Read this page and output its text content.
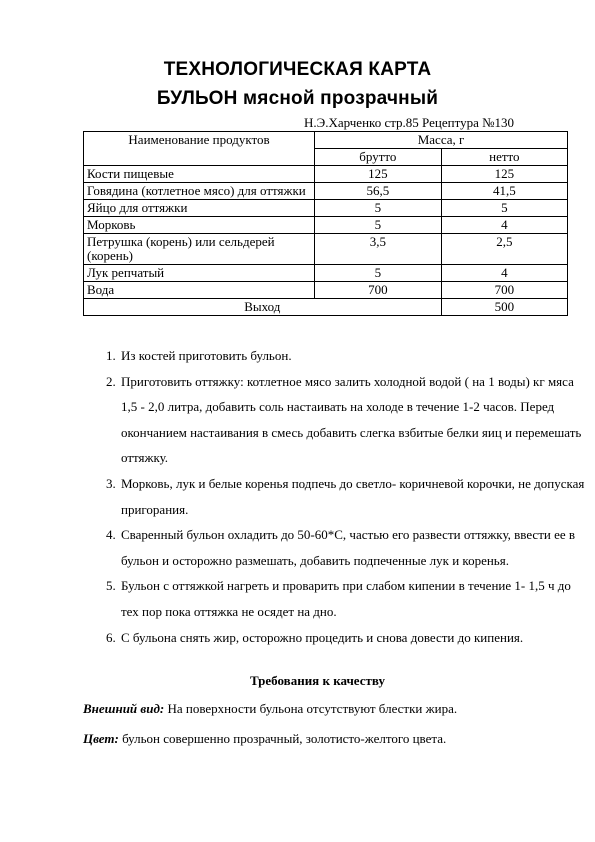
ТЕХНОЛОГИЧЕСКАЯ КАРТА
БУЛЬОН мясной прозрачный
Н.Э.Харченко стр.85 Рецептура №130
Наименование продуктов	Масса, г	
	брутто	нетто
Кости пищевые	125	125
Говядина (котлетное мясо) для оттяжки	56,5	41,5
Яйцо для оттяжки	5	5
Морковь	5	4
Петрушка (корень) или сельдерей (корень)	3,5	2,5
Лук репчатый	5	4
Вода	700	700
Выход		500
1. Из костей приготовить бульон.
2. Приготовить оттяжку: котлетное мясо залить холодной водой ( на 1 воды) кг мяса 1,5 - 2,0 литра, добавить соль настаивать на холоде в течение 1-2 часов. Перед окончанием настаивания в смесь добавить слегка взбитые белки яиц и перемешать оттяжку.
3. Морковь, лук и белые коренья подпечь до светло- коричневой корочки, не допуская пригорания.
4. Сваренный бульон охладить до 50-60*С, частью его развести оттяжку, ввести ее в бульон и осторожно размешать, добавить подпеченные лук и коренья.
5. Бульон с оттяжкой нагреть и проварить при слабом кипении в течение 1- 1,5 ч до тех пор пока оттяжка не осядет на дно.
6. С бульона снять жир, осторожно процедить и снова довести до кипения.
Требования к качеству
Внешний вид: На поверхности бульона отсутствуют блестки жира.
Цвет: бульон совершенно прозрачный, золотисто-желтого цвета.
